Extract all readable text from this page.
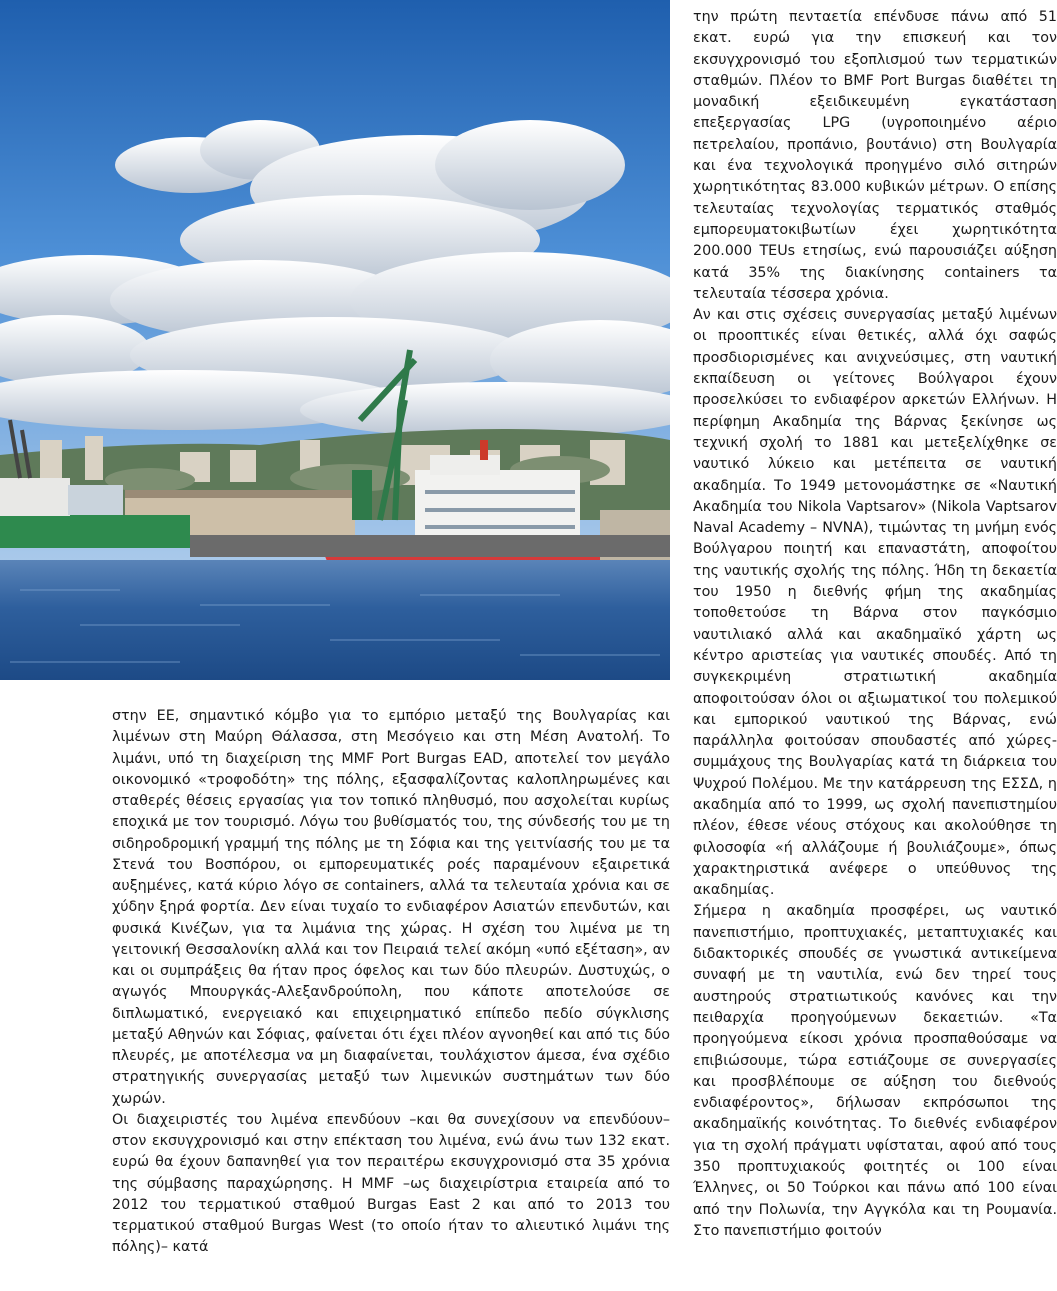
στην ΕΕ, σημαντικό κόμβο για το εμπόριο μεταξύ της Βουλγαρίας και λιμένων στη Μαύρη Θάλασσα, στη Μεσόγειο και στη Μέση Ανατολή. Το λιμάνι, υπό τη διαχείριση της MMF Port Burgas EAD, αποτελεί τον μεγάλο οικονομικό «τροφοδότη» της πόλης, εξασφαλίζοντας καλοπληρωμένες και σταθερές θέσεις εργασίας για τον τοπικό πληθυσμό, που ασχολείται κυρίως εποχικά με τον τουρισμό. Λόγω του βυθίσματός του, της σύνδεσής του με τη σιδηροδρομική γραμμή της πόλης με τη Σόφια και της γειτνίασής του με τα Στενά του Βοσπόρου, οι εμπορευματικές ροές παραμένουν εξαιρετικά αυξημένες, κατά κύριο λόγο σε containers, αλλά τα τελευταία χρόνια και σε χύδην ξηρά φορτία. Δεν είναι τυχαίο το ενδιαφέρον Ασιατών επενδυτών, και φυσικά Κινέζων, για τα λιμάνια της χώρας. Η σχέση του λιμένα με τη γειτονική Θεσσαλονίκη αλλά και τον Πειραιά τελεί ακόμη «υπό εξέταση», αν και οι συμπράξεις θα ήταν προς όφελος και των δύο πλευρών. Δυστυχώς, ο αγωγός Μπουργκάς-Αλεξανδρούπολη, που κάποτε αποτελούσε σε διπλωματικό, ενεργειακό και επιχειρηματικό επίπεδο πεδίο σύγκλισης μεταξύ Αθηνών και Σόφιας, φαίνεται ότι έχει πλέον αγνοηθεί και από τις δύο πλευρές, με αποτέλεσμα να μη διαφαίνεται, τουλάχιστον άμεσα, ένα σχέδιο στρατηγικής συνεργασίας μεταξύ των λιμενικών συστημάτων των δύο χωρών.

Οι διαχειριστές του λιμένα επενδύουν –και θα συνεχίσουν να επενδύουν– στον εκσυγχρονισμό και στην επέκταση του λιμένα, ενώ άνω των 132 εκατ. ευρώ θα έχουν δαπανηθεί για τον περαιτέρω εκσυγχρονισμό στα 35 χρόνια της σύμβασης παραχώρησης. Η MMF –ως διαχειρίστρια εταιρεία από το 2012 του τερματικού σταθμού Burgas East 2 και από το 2013 του τερματικού σταθμού Burgas West (το οποίο ήταν το αλιευτικό λιμάνι της πόλης)– κατά

την πρώτη πενταετία επένδυσε πάνω από 51 εκατ. ευρώ για την επισκευή και τον εκσυγχρονισμό του εξοπλισμού των τερματικών σταθμών. Πλέον το BMF Port Burgas διαθέτει τη μοναδική εξειδικευμένη εγκατάσταση επεξεργασίας LPG (υγροποιημένο αέριο πετρελαίου, προπάνιο, βουτάνιο) στη Βουλγαρία και ένα τεχνολογικά προηγμένο σιλό σιτηρών χωρητικότητας 83.000 κυβικών μέτρων. Ο επίσης τελευταίας τεχνολογίας τερματικός σταθμός εμπορευματοκιβωτίων έχει χωρητικότητα 200.000 TEUs ετησίως, ενώ παρουσιάζει αύξηση κατά 35% της διακίνησης containers τα τελευταία τέσσερα χρόνια.

Αν και στις σχέσεις συνεργασίας μεταξύ λιμένων οι προοπτικές είναι θετικές, αλλά όχι σαφώς προσδιορισμένες και ανιχνεύσιμες, στη ναυτική εκπαίδευση οι γείτονες Βούλγαροι έχουν προσελκύσει το ενδιαφέρον αρκετών Ελλήνων. Η περίφημη Ακαδημία της Βάρνας ξεκίνησε ως τεχνική σχολή το 1881 και μετεξελίχθηκε σε ναυτικό λύκειο και μετέπειτα σε ναυτική ακαδημία. Το 1949 μετονομάστηκε σε «Ναυτική Ακαδημία του Nikola Vaptsarov» (Nikola Vaptsarov Naval Academy – NVNA), τιμώντας τη μνήμη ενός Βούλγαρου ποιητή και επαναστάτη, αποφοίτου της ναυτικής σχολής της πόλης. Ήδη τη δεκαετία του 1950 η διεθνής φήμη της ακαδημίας τοποθετούσε τη Βάρνα στον παγκόσμιο ναυτιλιακό αλλά και ακαδημαϊκό χάρτη ως κέντρο αριστείας για ναυτικές σπουδές. Από τη συγκεκριμένη στρατιωτική ακαδημία αποφοιτούσαν όλοι οι αξιωματικοί του πολεμικού και εμπορικού ναυτικού της Βάρνας, ενώ παράλληλα φοιτούσαν σπουδαστές από χώρες-συμμάχους της Βουλγαρίας κατά τη διάρκεια του Ψυχρού Πολέμου. Με την κατάρρευση της ΕΣΣΔ, η ακαδημία από το 1999, ως σχολή πανεπιστημίου πλέον, έθεσε νέους στόχους και ακολούθησε τη φιλοσοφία «ή αλλάζουμε ή βουλιάζουμε», όπως χαρακτηριστικά ανέφερε ο υπεύθυνος της ακαδημίας.

Σήμερα η ακαδημία προσφέρει, ως ναυτικό πανεπιστήμιο, προπτυχιακές, μεταπτυχιακές και διδακτορικές σπουδές σε γνωστικά αντικείμενα συναφή με τη ναυτιλία, ενώ δεν τηρεί τους αυστηρούς στρατιωτικούς κανόνες και την πειθαρχία προηγούμενων δεκαετιών. «Τα προηγούμενα είκοσι χρόνια προσπαθούσαμε να επιβιώσουμε, τώρα εστιάζουμε σε συνεργασίες και προσβλέπουμε σε αύξηση του διεθνούς ενδιαφέροντος», δήλωσαν εκπρόσωποι της ακαδημαϊκής κοινότητας. Το διεθνές ενδιαφέρον για τη σχολή πράγματι υφίσταται, αφού από τους 350 προπτυχιακούς φοιτητές οι 100 είναι Έλληνες, οι 50 Τούρκοι και πάνω από 100 είναι από την Πολωνία, την Αγγκόλα και τη Ρουμανία. Στο πανεπιστήμιο φοιτούν
